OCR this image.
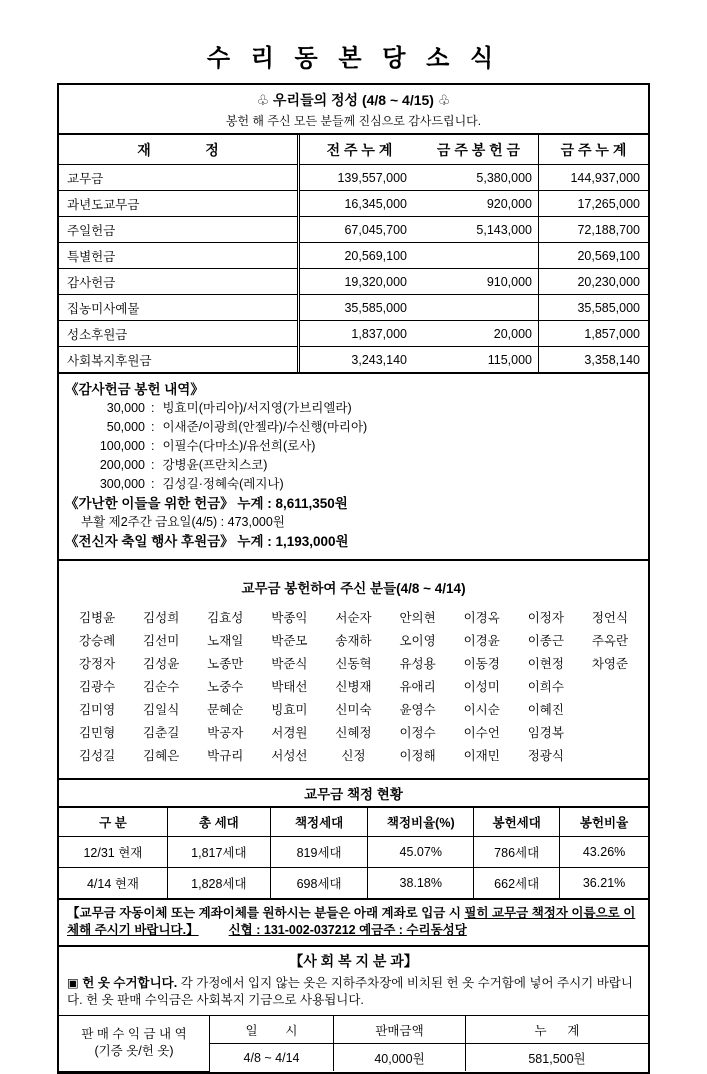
수 리 동 본 당 소 식
♧ 우리들의 정성 (4/8 ~ 4/15) ♧
봉헌 해 주신 모든 분들께 진심으로 감사드립니다.
재              정	전 주 누 계	금 주 봉 헌 금	금 주 누 계
교무금	139,557,000	5,380,000	144,937,000
과년도교무금	16,345,000	920,000	17,265,000
주일헌금	67,045,700	5,143,000	72,188,700
특별헌금	20,569,100		20,569,100
감사헌금	19,320,000	910,000	20,230,000
집농미사예물	35,585,000		35,585,000
성소후원금	1,837,000	20,000	1,857,000
사회복지후원금	3,243,140	115,000	3,358,140
《감사헌금 봉헌 내역》
30,000 : 빙효미(마리아)/서지영(가브리엘라)
50,000 : 이새준/이광희(안젤라)/수신행(마리아)
100,000 : 이필수(다마소)/유선희(로사)
200,000 : 강병윤(프란치스코)
300,000 : 김성길·정혜숙(레지나)
《가난한 이들을 위한 헌금》 누계 : 8,611,350원
부활 제2주간 금요일(4/5) : 473,000원
《전신자 축일 행사 후원금》 누계 : 1,193,000원
교무금 봉헌하여 주신 분들(4/8 ~ 4/14)
김병윤	김성희	김효성	박종익	서순자	안의현	이경옥	이정자	정언식
강승례	김선미	노재일	박준모	송재하	오이영	이경윤	이종근	주옥란
강정자	김성윤	노종만	박준식	신동혁	유성용	이동경	이현정	차영준
김광수	김순수	노중수	박태선	신병재	유애리	이성미	이희수
김미영	김일식	문혜순	빙효미	신미숙	윤영수	이시순	이혜진
김민형	김춘길	박공자	서경원	신혜정	이정수	이수언	임경복
김성길	김혜은	박규리	서성선	신정	이정해	이재민	정광식
교무금 책정 현황
구 분	총 세대	책정세대	책정비율(%)	봉헌세대	봉헌비율
12/31 현재	1,817세대	819세대	45.07%	786세대	43.26%
4/14 현재	1,828세대	698세대	38.18%	662세대	36.21%
【교무금 자동이체 또는 계좌이체를 원하시는 분들은 아래 계좌로 입금 시 필히 교무금 책정자 이름으로 이체해 주시기 바랍니다.】 신협 : 131-002-037212 예금주 : 수리동성당
【사 회 복 지 분 과】

▣ 헌 옷 수거합니다. 각 가정에서 입지 않는 옷은 지하주차장에 비치된 헌 옷 수거함에 넣어 주시기 바랍니다. 헌 옷 판매 수익금은 사회복지 기금으로 사용됩니다.

판 매 수 익 금 내 역
(기증 옷/헌 옷)	일        시	판매금액	누      계
	4/8 ~ 4/14	40,000원	581,500원
